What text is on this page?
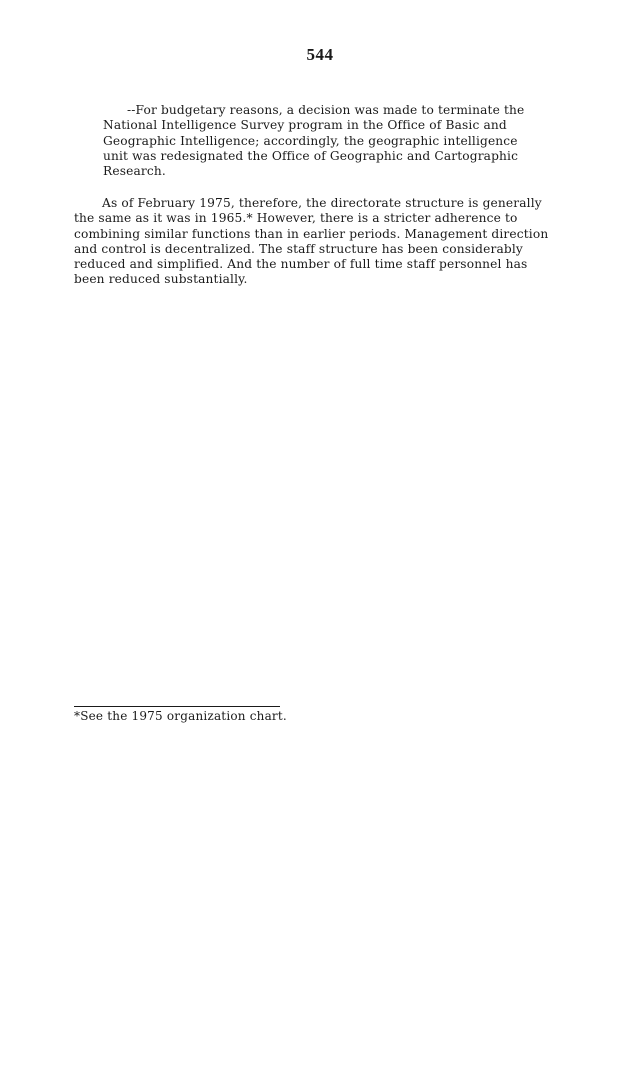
544
--For budgetary reasons, a decision was made to terminate the
National Intelligence Survey program in the Office of Basic and
Geographic Intelligence; accordingly, the geographic intelligence
unit was redesignated the Office of Geographic and Cartographic
Research.
As of February 1975, therefore, the directorate structure is generally
the same as it was in 1965.* However, there is a stricter adherence to
combining similar functions than in earlier periods. Management direction
and control is decentralized. The staff structure has been considerably
reduced and simplified. And the number of full time staff personnel has
been reduced substantially.
*See the 1975 organization chart.
